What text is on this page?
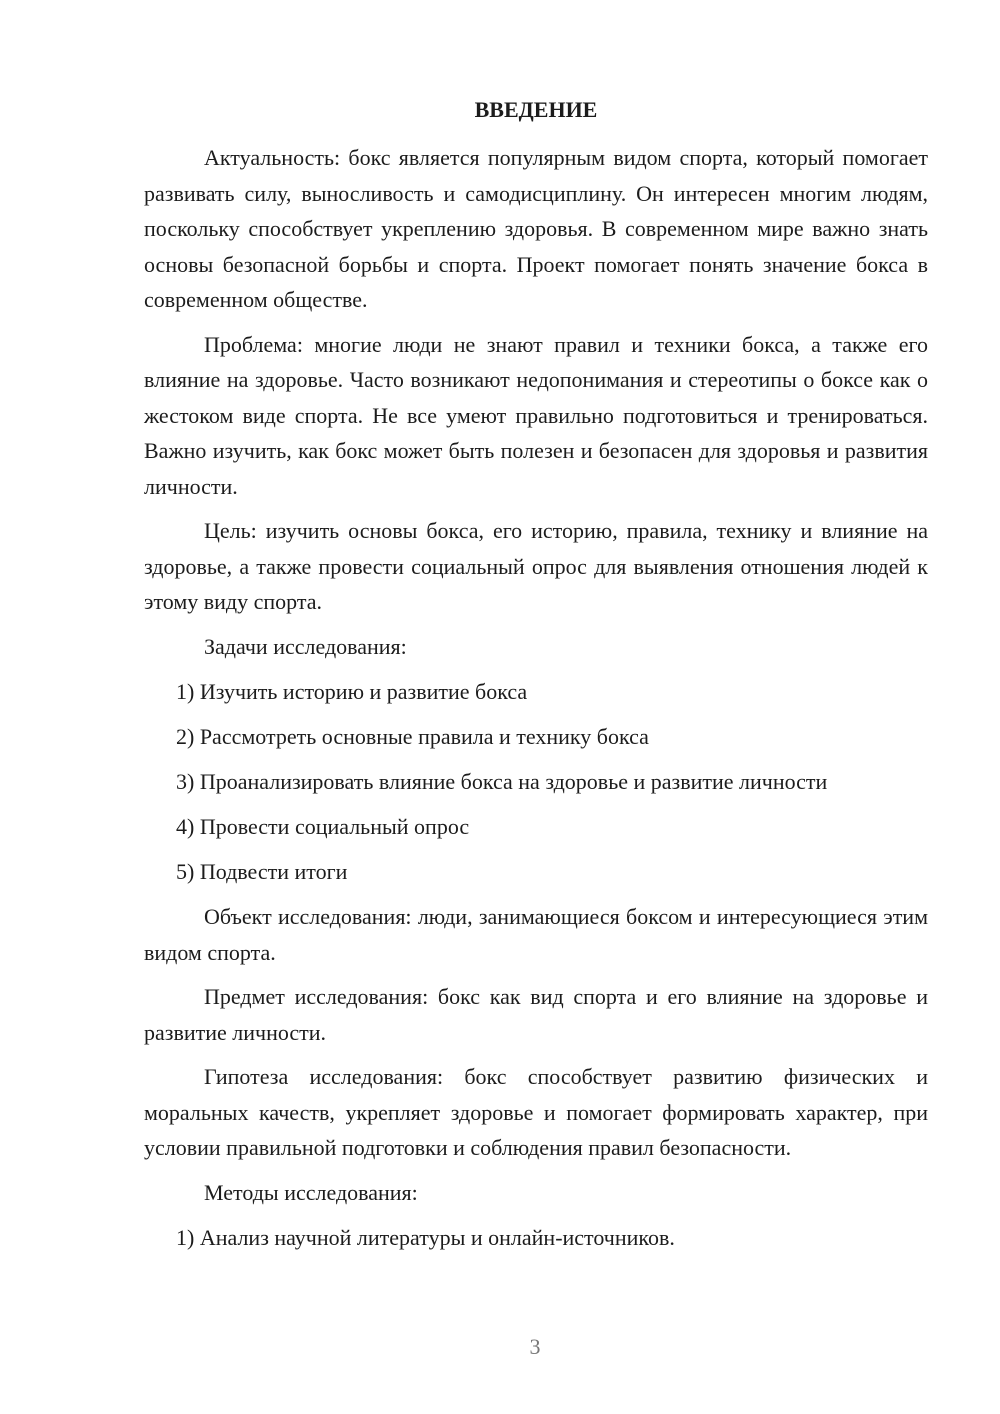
ВВЕДЕНИЕ

Актуальность: бокс является популярным видом спорта, который помогает развивать силу, выносливость и самодисциплину. Он интересен многим людям, поскольку способствует укреплению здоровья. В современном мире важно знать основы безопасной борьбы и спорта. Проект помогает понять значение бокса в современном обществе.

Проблема: многие люди не знают правил и техники бокса, а также его влияние на здоровье. Часто возникают недопонимания и стереотипы о боксе как о жестоком виде спорта. Не все умеют правильно подготовиться и тренироваться. Важно изучить, как бокс может быть полезен и безопасен для здоровья и развития личности.

Цель: изучить основы бокса, его историю, правила, технику и влияние на здоровье, а также провести социальный опрос для выявления отношения людей к этому виду спорта.

Задачи исследования:

1) Изучить историю и развитие бокса

2) Рассмотреть основные правила и технику бокса

3) Проанализировать влияние бокса на здоровье и развитие личности

4) Провести социальный опрос

5) Подвести итоги

Объект исследования: люди, занимающиеся боксом и интересующиеся этим видом спорта.

Предмет исследования: бокс как вид спорта и его влияние на здоровье и развитие личности.

Гипотеза исследования: бокс способствует развитию физических и моральных качеств, укрепляет здоровье и помогает формировать характер, при условии правильной подготовки и соблюдения правил безопасности.

Методы исследования:

1) Анализ научной литературы и онлайн-источников.

3
